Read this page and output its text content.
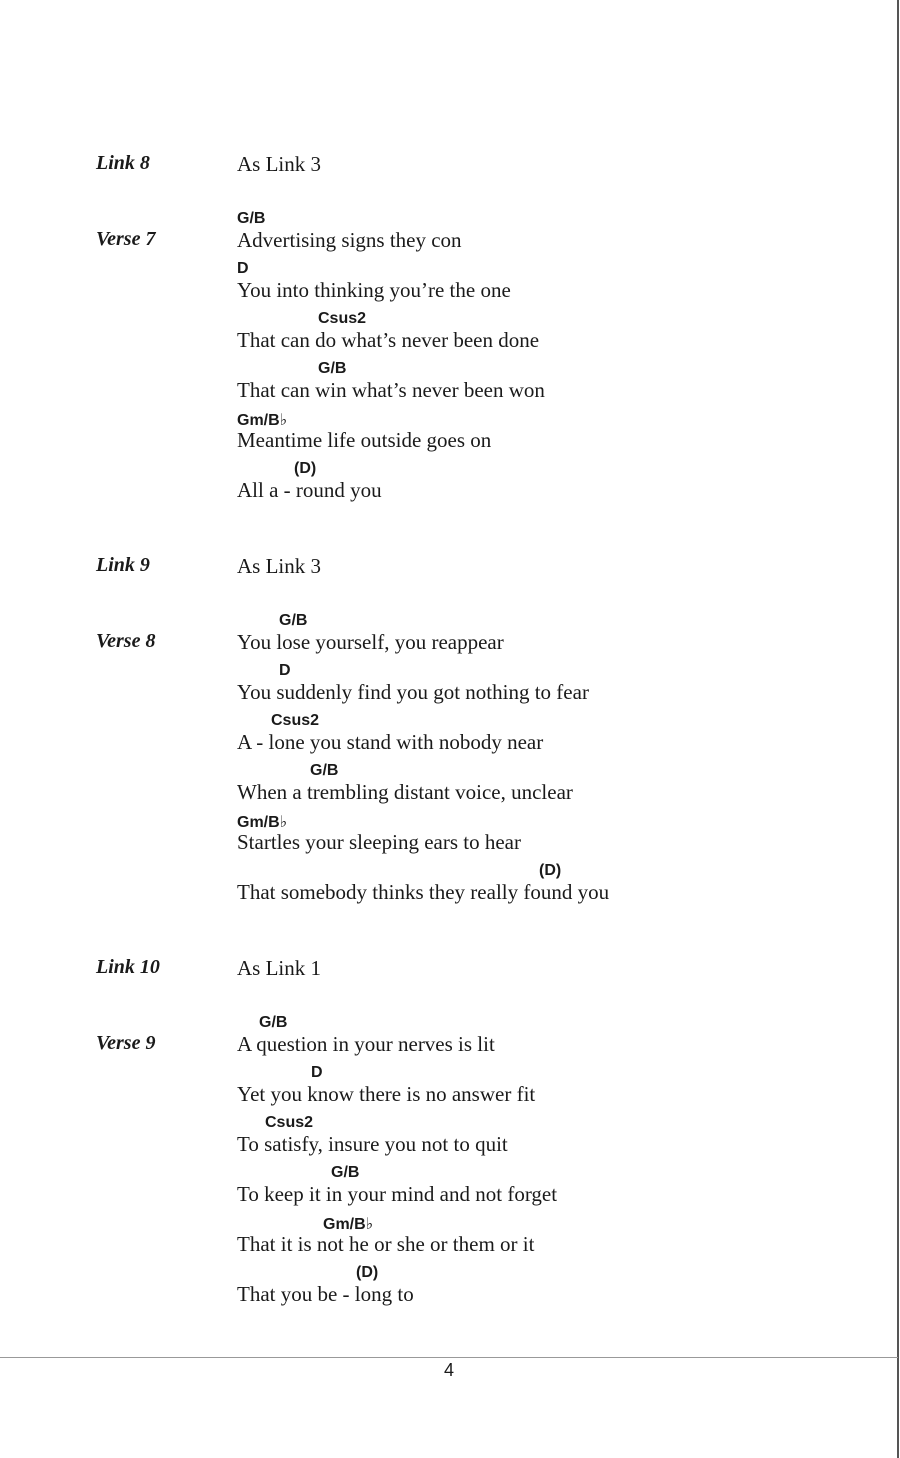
Link 8	As Link 3
Verse 7
G/B
Advertising signs they con
D
You into thinking you’re the one
Csus2
That can do what’s never been done
G/B
That can win what’s never been won
Gm/B♭
Meantime life outside goes on
(D)
All a - round you
Link 9	As Link 3
Verse 8
G/B
You lose yourself, you reappear
D
You suddenly find you got nothing to fear
Csus2
A - lone you stand with nobody near
G/B
When a trembling distant voice, unclear
Gm/B♭
Startles your sleeping ears to hear
(D)
That somebody thinks they really found you
Link 10	As Link 1
Verse 9
G/B
A question in your nerves is lit
D
Yet you know there is no answer fit
Csus2
To satisfy, insure you not to quit
G/B
To keep it in your mind and not forget
Gm/B♭
That it is not he or she or them or it
(D)
That you be - long to
4
